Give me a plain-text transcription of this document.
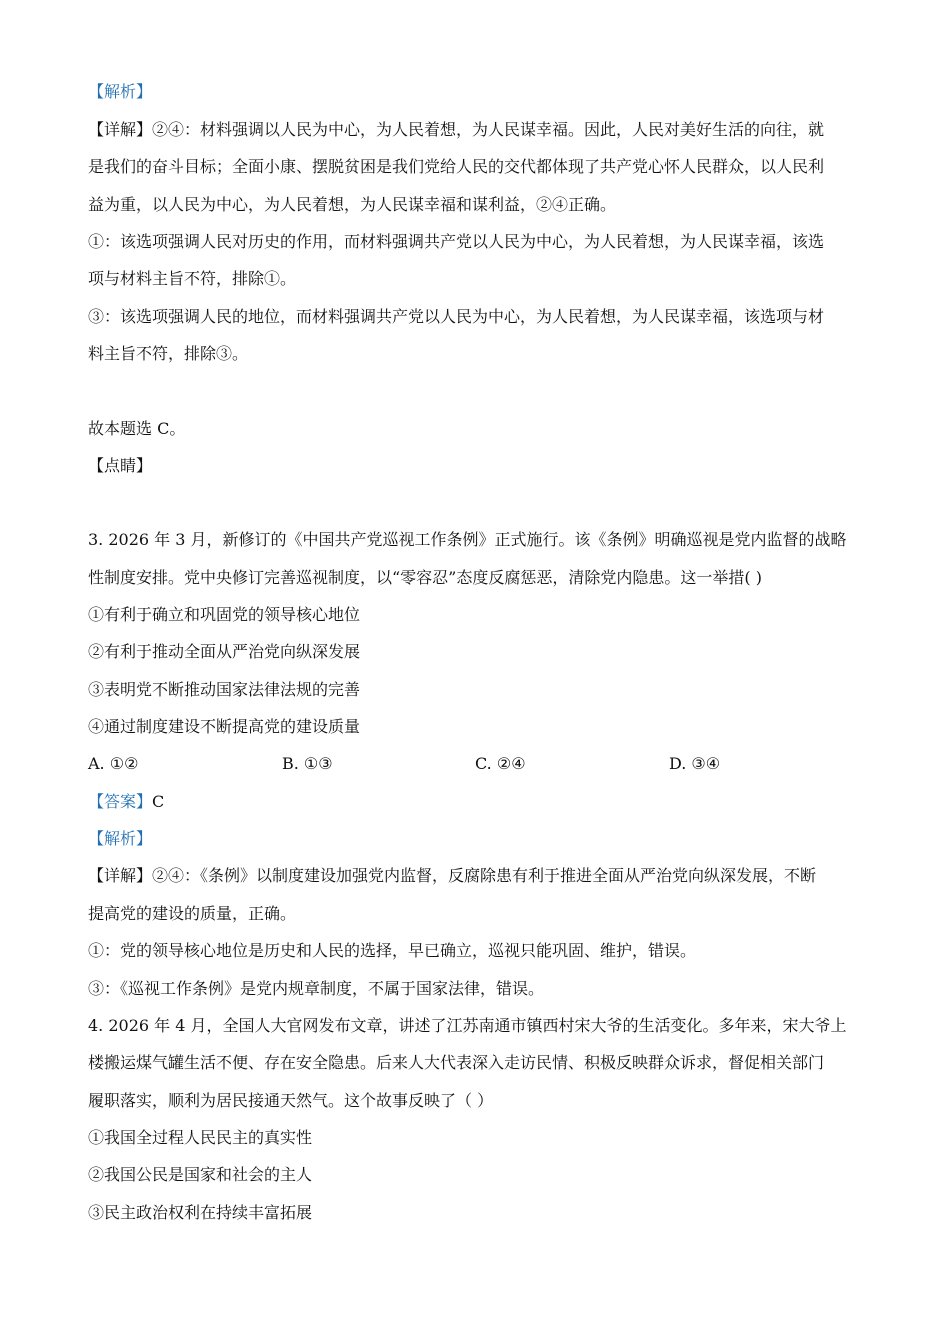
【解析】
【详解】②④：材料强调以人民为中心，为人民着想，为人民谋幸福。因此，人民对美好生活的向往，就
是我们的奋斗目标；全面小康、摆脱贫困是我们党给人民的交代都体现了共产党心怀人民群众，以人民利
益为重，以人民为中心，为人民着想，为人民谋幸福和谋利益，②④正确。
①：该选项强调人民对历史的作用，而材料强调共产党以人民为中心，为人民着想，为人民谋幸福，该选
项与材料主旨不符，排除①。
③：该选项强调人民的地位，而材料强调共产党以人民为中心，为人民着想，为人民谋幸福，该选项与材
料主旨不符，排除③。
故本题选 C。
【点睛】
3. 2026 年 3 月，新修订的《中国共产党巡视工作条例》正式施行。该《条例》明确巡视是党内监督的战略
性制度安排。党中央修订完善巡视制度，以“零容忍”态度反腐惩恶，清除党内隐患。这一举措( )
①有利于确立和巩固党的领导核心地位
②有利于推动全面从严治党向纵深发展
③表明党不断推动国家法律法规的完善
④通过制度建设不断提高党的建设质量
A. ①②	B. ①③	C. ②④	D. ③④
【答案】C
【解析】
【详解】②④：《条例》以制度建设加强党内监督，反腐除患有利于推进全面从严治党向纵深发展，不断
提高党的建设的质量，正确。
①：党的领导核心地位是历史和人民的选择，早已确立，巡视只能巩固、维护，错误。
③：《巡视工作条例》是党内规章制度，不属于国家法律，错误。
4. 2026 年 4 月，全国人大官网发布文章，讲述了江苏南通市镇西村宋大爷的生活变化。多年来，宋大爷上
楼搬运煤气罐生活不便、存在安全隐患。后来人大代表深入走访民情、积极反映群众诉求，督促相关部门
履职落实，顺利为居民接通天然气。这个故事反映了（ ）
①我国全过程人民民主的真实性
②我国公民是国家和社会的主人
③民主政治权利在持续丰富拓展
